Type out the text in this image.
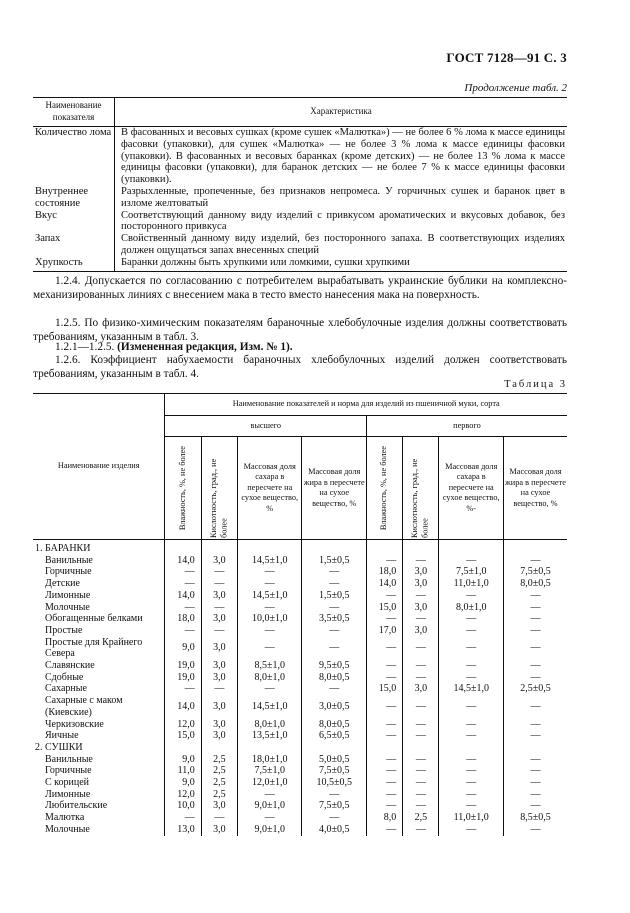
ГОСТ 7128—91 С. 3
Продолжение табл. 2
Наименование показателя	Характеристика
Количество лома	В фасованных и весовых сушках (кроме сушек «Малютка») — не более 6 % лома к массе единицы фасовки (упаковки), для сушек «Малютка» — не более 3 % лома к массе единицы фасовки (упаковки). В фасованных и весовых баранках (кроме детских) — не более 13 % лома к массе единицы фасовки (упаковки), для баранок детских — не более 7 % к массе единицы фасовки (упаковки).
Внутреннее состояние	Разрыхленные, пропеченные, без признаков непромеса. У горчичных сушек и баранок цвет в изломе желтоватый
Вкус	Соответствующий данному виду изделий с привкусом ароматических и вкусовых добавок, без посторонного привкуса
Запах	Свойственный данному виду изделий, без посторонного запаха. В соответствующих изделиях должен ощущаться запах внесенных специй
Хрупкость	Баранки должны быть хрупкими или ломкими, сушки хрупкими
1.2.4. Допускается по согласованию с потребителем вырабатывать украинские бублики на комплексно-механизированных линиях с внесением мака в тесто вместо нанесения мака на поверхность.
1.2.5. По физико-химическим показателям бараночные хлебобулочные изделия должны соответствовать требованиям, указанным в табл. 3.
1.2.1—1.2.5. (Измененная редакция, Изм. № 1).
1.2.6. Коэффициент набухаемости бараночных хлебобулочных изделий должен соответствовать требованиям, указанным в табл. 4.
Таблица 3
Наименование изделия	Наименование показателей и норма для изделий из пшеничной муки, сорта							
	высшего				первого			

	Влажность, %, не более	Кислотность, град., не более	Массовая доля сахара в пересчете на сухое вещество, %	Массовая доля жира в пересчете на сухое вещество, %	Влажность, %, не более	Кислотность, град., не более	Массовая доля сахара в пересчете на сухое вещество, %-	Массовая доля жира в пересчете на сухое вещество, %
1. БАРАНКИ								
Ванильные	14,0	3,0	14,5±1,0	1,5±0,5	—	—	—	—
Горчичные	—	—	—	—	18,0	3,0	7,5±1,0	7,5±0,5
Детские	—	—	—	—	14,0	3,0	11,0±1,0	8,0±0,5
Лимонные	14,0	3,0	14,5±1,0	1,5±0,5	—	—	—	—
Молочные	—	—	—	—	15,0	3,0	8,0±1,0	—
Обогащенные белками	18,0	3,0	10,0±1,0	3,5±0,5	—	—	—	—
Простые	—	—	—	—	17,0	3,0	—	—
Простые для Крайнего Севера	9,0	3,0	—	—	—	—	—	—
Славянские	19,0	3,0	8,5±1,0	9,5±0,5	—	—	—	—
Сдобные	19,0	3,0	8,0±1,0	8,0±0,5	—	—	—	—
Сахарные	—	—	—	—	15,0	3,0	14,5±1,0	2,5±0,5
Сахарные с маком (Киевские)	14,0	3,0	14,5±1,0	3,0±0,5	—	—	—	—
Черкизовские	12,0	3,0	8,0±1,0	8,0±0,5	—	—	—	—
Яичные	15,0	3,0	13,5±1,0	6,5±0,5	—	—	—	—
2. СУШКИ								
Ванильные	9,0	2,5	18,0±1,0	5,0±0,5	—	—	—	—
Горчичные	11,0	2,5	7,5±1,0	7,5±0,5	—	—	—	—
С корицей	9,0	2,5	12,0±1,0	10,5±0,5	—	—	—	—
Лимонные	12,0	2,5	—	—	—	—	—	—
Любительские	10,0	3,0	9,0±1,0	7,5±0,5	—	—	—	—
Малютка	—	—	—	—	8,0	2,5	11,0±1,0	8,5±0,5
Молочные	13,0	3,0	9,0±1,0	4,0±0,5	—	—	—	—
